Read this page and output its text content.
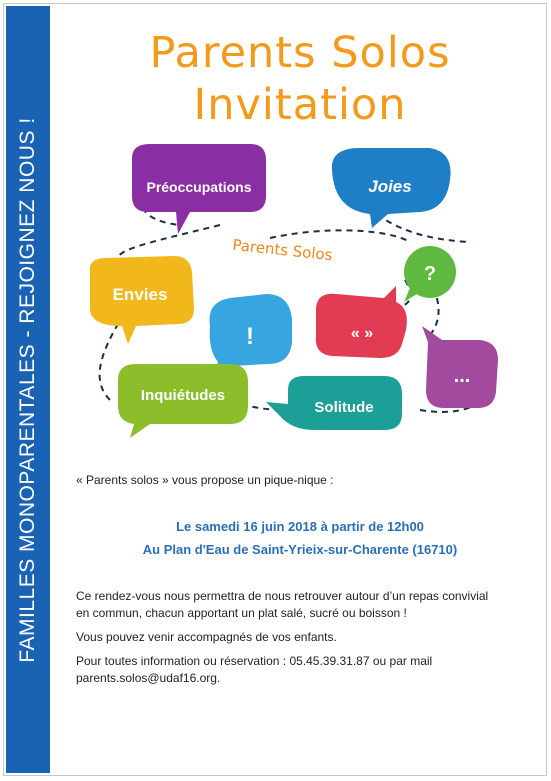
FAMILLES MONOPARENTALES - REJOIGNEZ NOUS !
Parents Solos
Invitation
Préoccupations	Joies
Parents Solos
?
Envies
!	« »
...
Inquiétudes
Solitude
« Parents solos » vous propose un pique-nique :
Le samedi 16 juin 2018 à partir de 12h00
Au Plan d'Eau de Saint-Yrieix-sur-Charente (16710)
Ce rendez-vous nous permettra de nous retrouver autour d’un repas convivial
en commun, chacun apportant un plat salé, sucré ou boisson !
Vous pouvez venir accompagnés de vos enfants.
Pour toutes information ou réservation : 05.45.39.31.87 ou par mail
parents.solos@udaf16.org.
